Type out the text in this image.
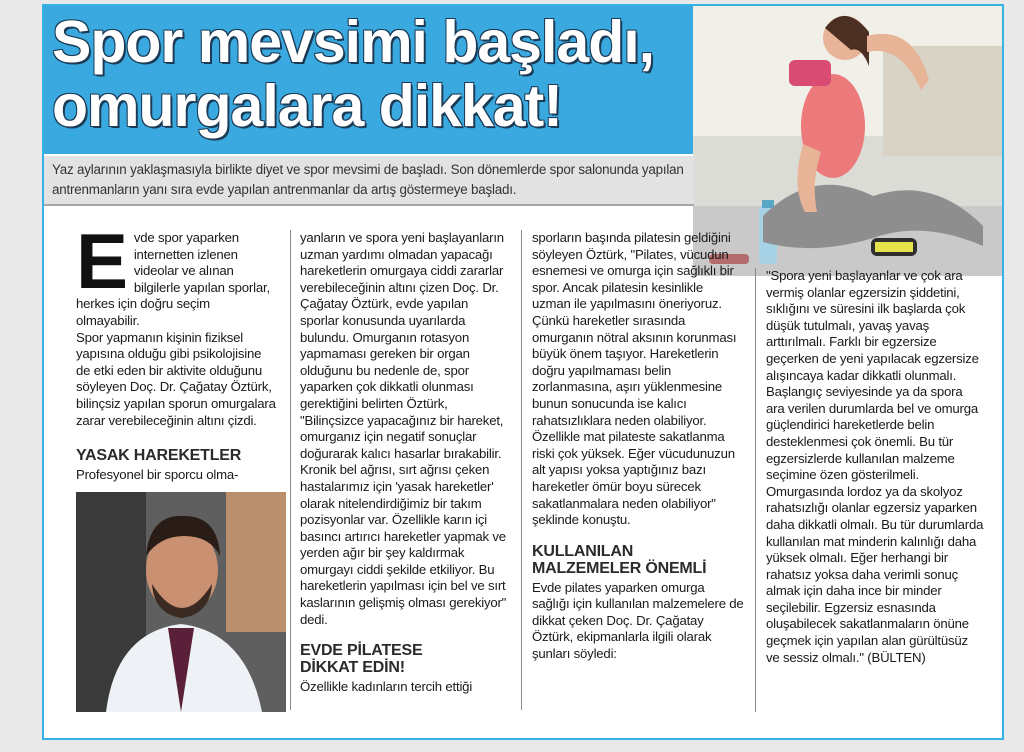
Spor mevsimi başladı, omurgalara dikkat!

Yaz aylarının yaklaşmasıyla birlikte diyet ve spor mevsimi de başladı. Son dönemlerde spor salonunda yapılan antrenmanların yanı sıra evde yapılan antrenmanlar da artış göstermeye başladı.

E vde spor yaparken internetten izlenen videolar ve alınan bilgilerle yapılan sporlar, herkes için doğru seçim olmayabilir.

Spor yapmanın kişinin fiziksel yapısına olduğu gibi psikolojisine de etki eden bir aktivite olduğunu söyleyen Doç. Dr. Çağatay Öztürk, bilinçsiz yapılan sporun omurgalara zarar verebileceğinin altını çizdi.

YASAK HAREKETLER

Profesyonel bir sporcu olma-

yanların ve spora yeni başlayanların uzman yardımı olmadan yapacağı hareketlerin omurgaya ciddi zararlar verebileceğinin altını çizen Doç. Dr. Çağatay Öztürk, evde yapılan sporlar konusunda uyarılarda bulundu. Omurganın rotasyon yapmaması gereken bir organ olduğunu bu nedenle de, spor yaparken çok dikkatli olunması gerektiğini belirten Öztürk, "Bilinçsizce yapacağınız bir hareket, omurganız için negatif sonuçlar doğurarak kalıcı hasarlar bırakabilir. Kronik bel ağrısı, sırt ağrısı çeken hastalarımız için 'yasak hareketler' olarak nitelendirdiğimiz bir takım pozisyonlar var. Özellikle karın içi basıncı artırıcı hareketler yapmak ve yerden ağır bir şey kaldırmak omurgayı ciddi şekilde etkiliyor. Bu hareketlerin yapılması için bel ve sırt kaslarının gelişmiş olması gerekiyor" dedi.

EVDE PİLATESE
DİKKAT EDİN!

Özellikle kadınların tercih ettiği

sporların başında pilatesin geldiğini söyleyen Öztürk, "Pilates, vücudun esnemesi ve omurga için sağlıklı bir spor. Ancak pilatesin kesinlikle uzman ile yapılmasını öneriyoruz. Çünkü hareketler sırasında omurganın nötral aksının korunması büyük önem taşıyor. Hareketlerin doğru yapılmaması belin zorlanmasına, aşırı yüklenmesine bunun sonucunda ise kalıcı rahatsızlıklara neden olabiliyor. Özellikle mat pilateste sakatlanma riski çok yüksek. Eğer vücudunuzun alt yapısı yoksa yaptığınız bazı hareketler ömür boyu sürecek sakatlanmalara neden olabiliyor" şeklinde konuştu.

KULLANILAN
MALZEMELER ÖNEMLİ

Evde pilates yaparken omurga sağlığı için kullanılan malzemelere de dikkat çeken Doç. Dr. Çağatay Öztürk, ekipmanlarla ilgili olarak şunları söyledi:

"Spora yeni başlayanlar ve çok ara vermiş olanlar egzersizin şiddetini, sıklığını ve süresini ilk başlarda çok düşük tutulmalı, yavaş yavaş arttırılmalı. Farklı bir egzersize geçerken de yeni yapılacak egzersize alışıncaya kadar dikkatli olunmalı. Başlangıç seviyesinde ya da spora ara verilen durumlarda bel ve omurga güçlendirici hareketlerde belin desteklenmesi çok önemli. Bu tür egzersizlerde kullanılan malzeme seçimine özen gösterilmeli. Omurgasında lordoz ya da skolyoz rahatsızlığı olanlar egzersiz yaparken daha dikkatli olmalı. Bu tür durumlarda kullanılan mat minderin kalınlığı daha yüksek olmalı. Eğer herhangi bir rahatsız yoksa daha verimli sonuç almak için daha ince bir minder seçilebilir. Egzersiz esnasında oluşabilecek sakatlanmaların önüne geçmek için yapılan alan gürültüsüz ve sessiz olmalı." (BÜLTEN)
